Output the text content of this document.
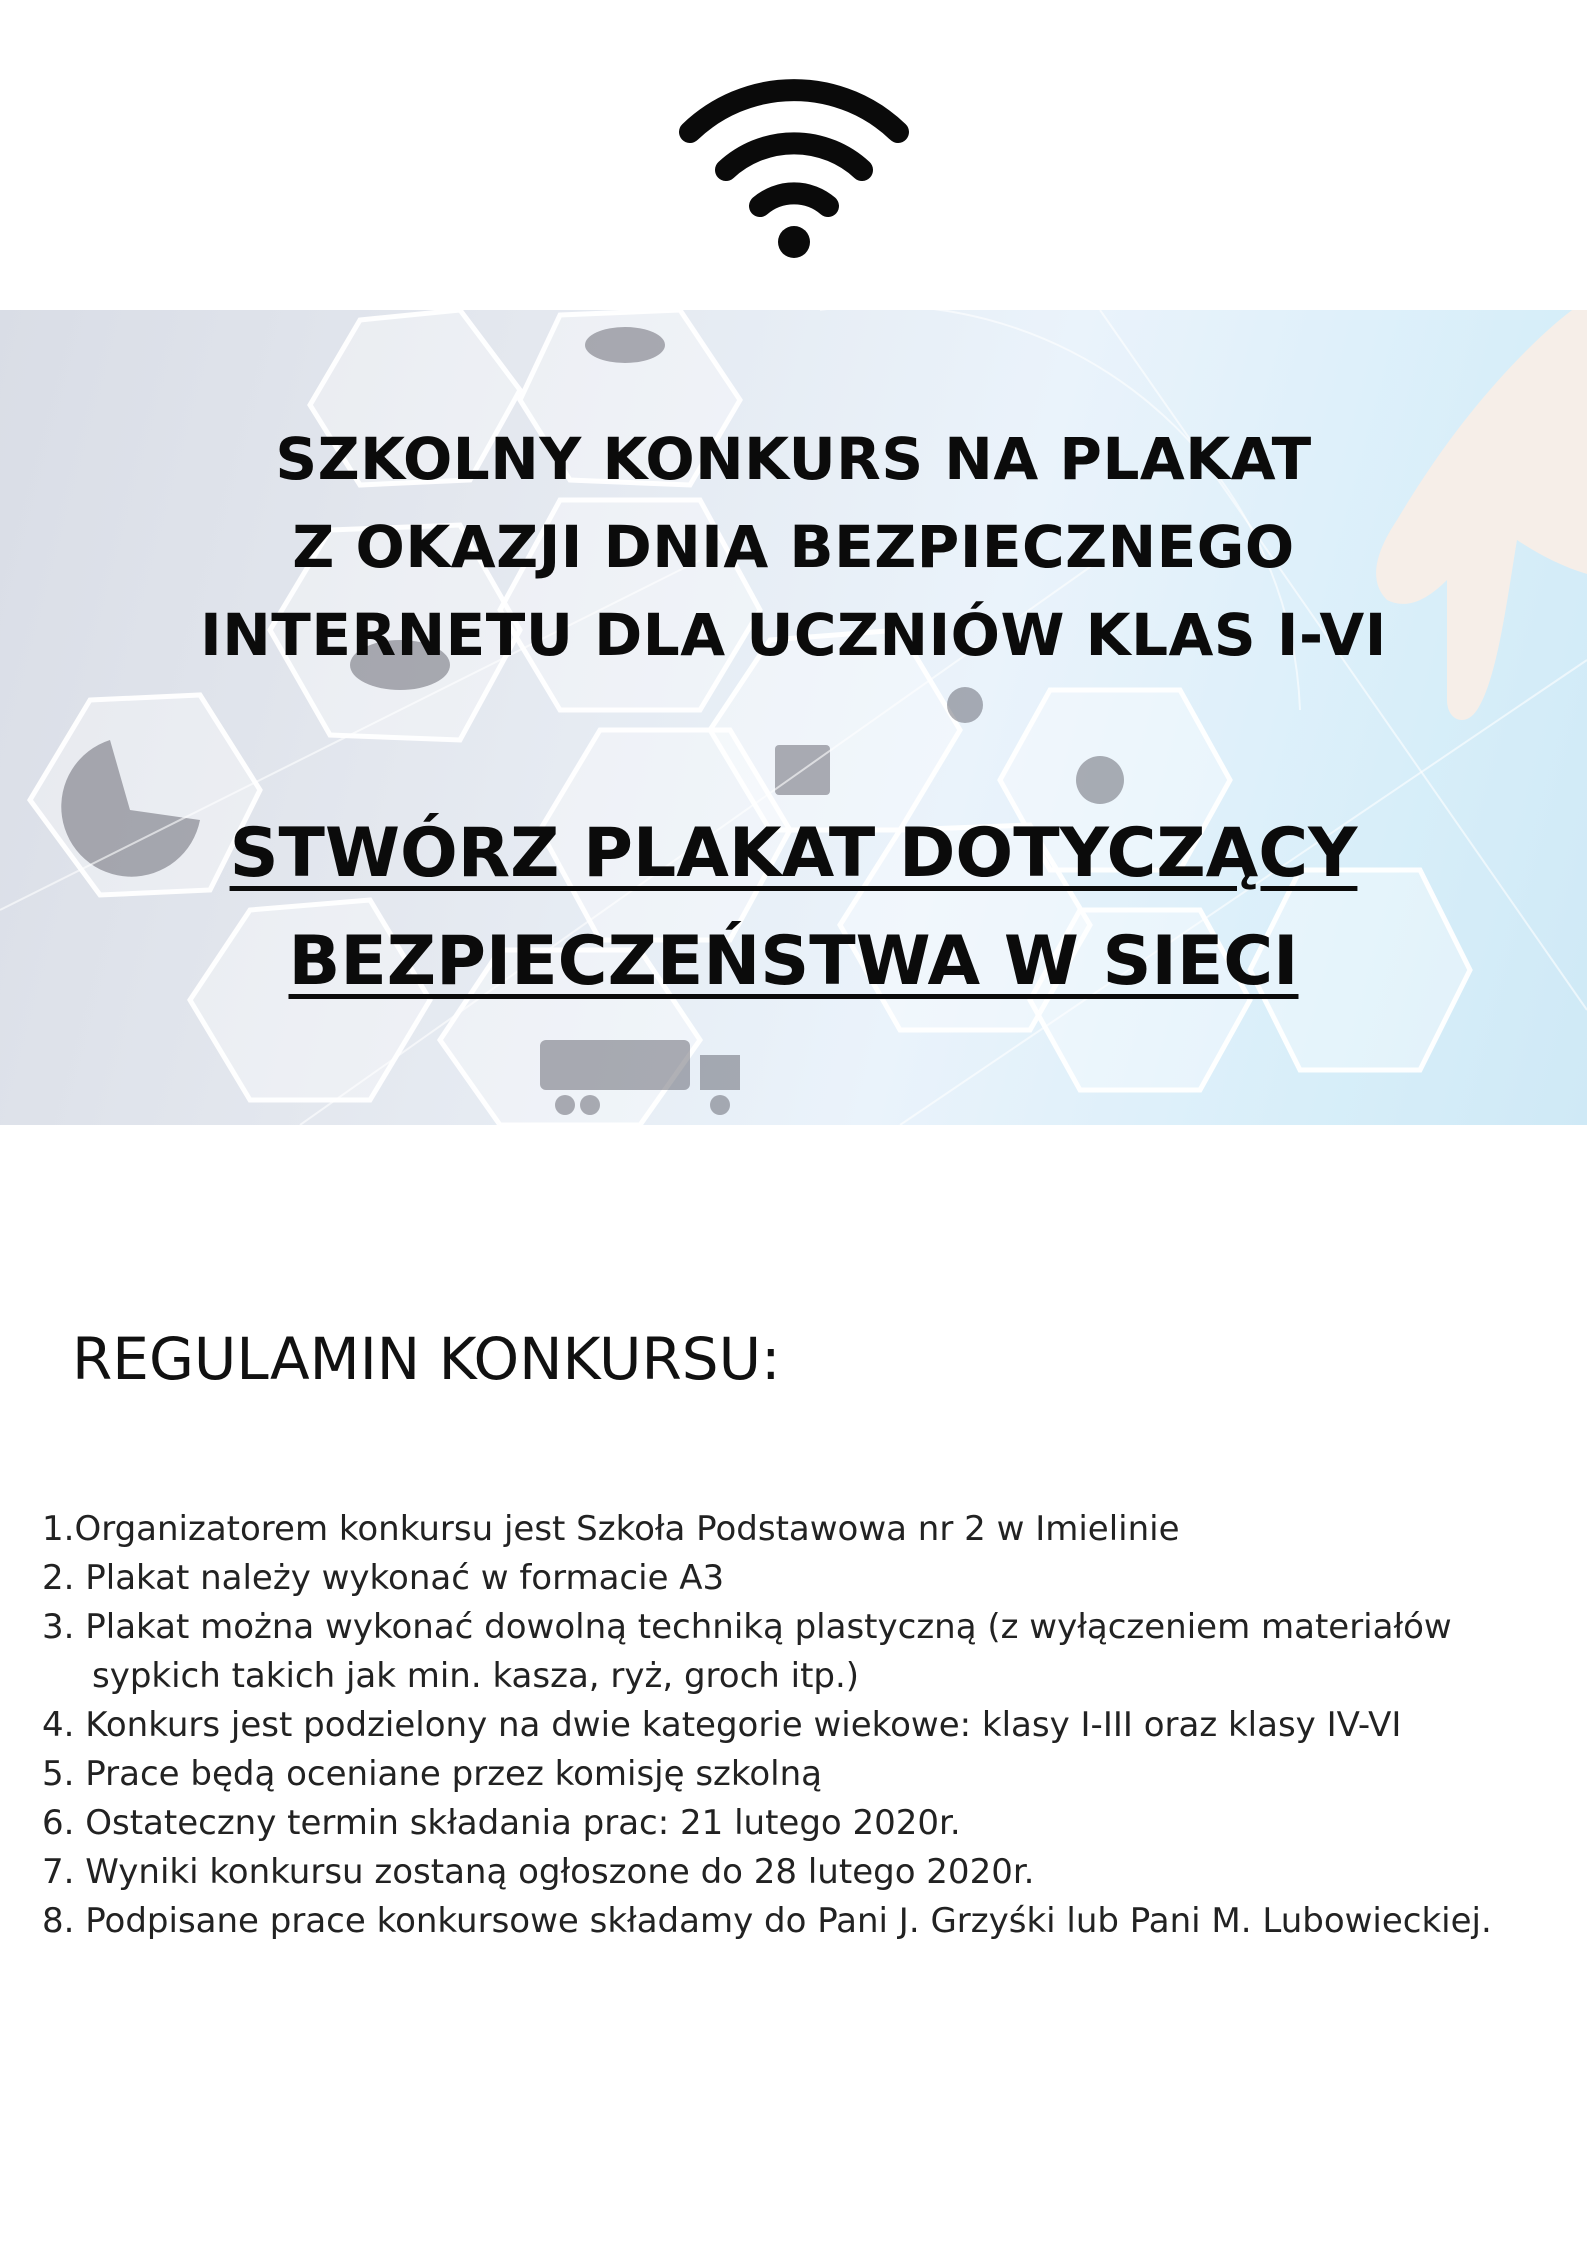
SZKOLNY KONKURS NA PLAKAT
Z OKAZJI DNIA BEZPIECZNEGO
INTERNETU DLA UCZNIÓW KLAS I-VI
STWÓRZ PLAKAT DOTYCZĄCY
BEZPIECZEŃSTWA W SIECI
REGULAMIN KONKURSU:
1.Organizatorem konkursu jest Szkoła Podstawowa nr 2 w Imielinie
2. Plakat należy wykonać w formacie A3
3. Plakat można wykonać dowolną techniką plastyczną (z wyłączeniem materiałów
sypkich takich jak min. kasza, ryż, groch itp.)
4. Konkurs jest podzielony na dwie kategorie wiekowe: klasy I-III oraz klasy IV-VI
5. Prace będą oceniane przez komisję szkolną
6. Ostateczny termin składania prac: 21 lutego 2020r.
7. Wyniki konkursu zostaną ogłoszone do 28 lutego 2020r.
8. Podpisane prace konkursowe składamy do Pani J. Grzyśki lub Pani M. Lubowieckiej.
